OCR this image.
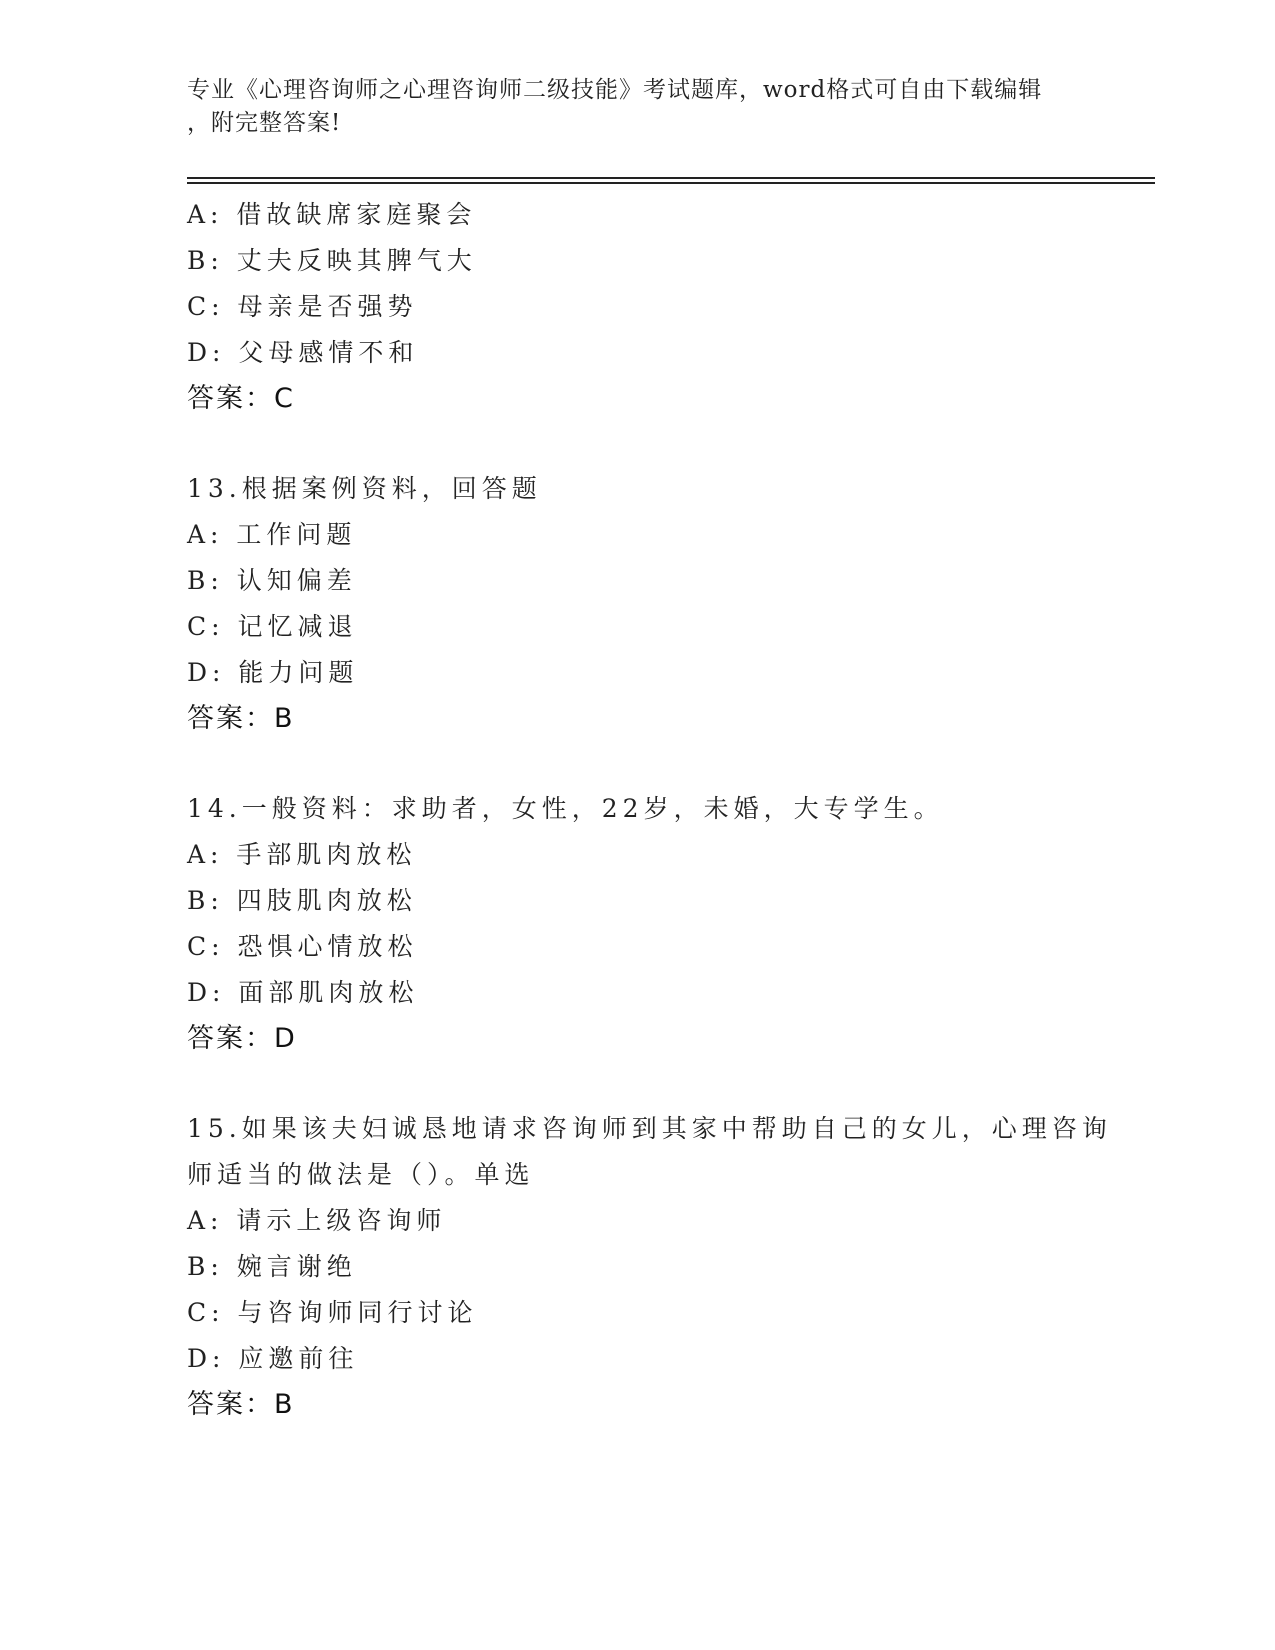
专业《心理咨询师之心理咨询师二级技能》考试题库，word格式可自由下载编辑
，附完整答案!
A: 借故缺席家庭聚会
B: 丈夫反映其脾气大
C: 母亲是否强势
D: 父母感情不和
答案：C
13.根据案例资料，回答题
A: 工作问题
B: 认知偏差
C: 记忆减退
D: 能力问题
答案：B
14.一般资料：求助者，女性，22岁，未婚，大专学生。
A: 手部肌肉放松
B: 四肢肌肉放松
C: 恐惧心情放松
D: 面部肌肉放松
答案：D
15.如果该夫妇诚恳地请求咨询师到其家中帮助自己的女儿，心理咨询
师适当的做法是（）。单选
A: 请示上级咨询师
B: 婉言谢绝
C: 与咨询师同行讨论
D: 应邀前往
答案：B
